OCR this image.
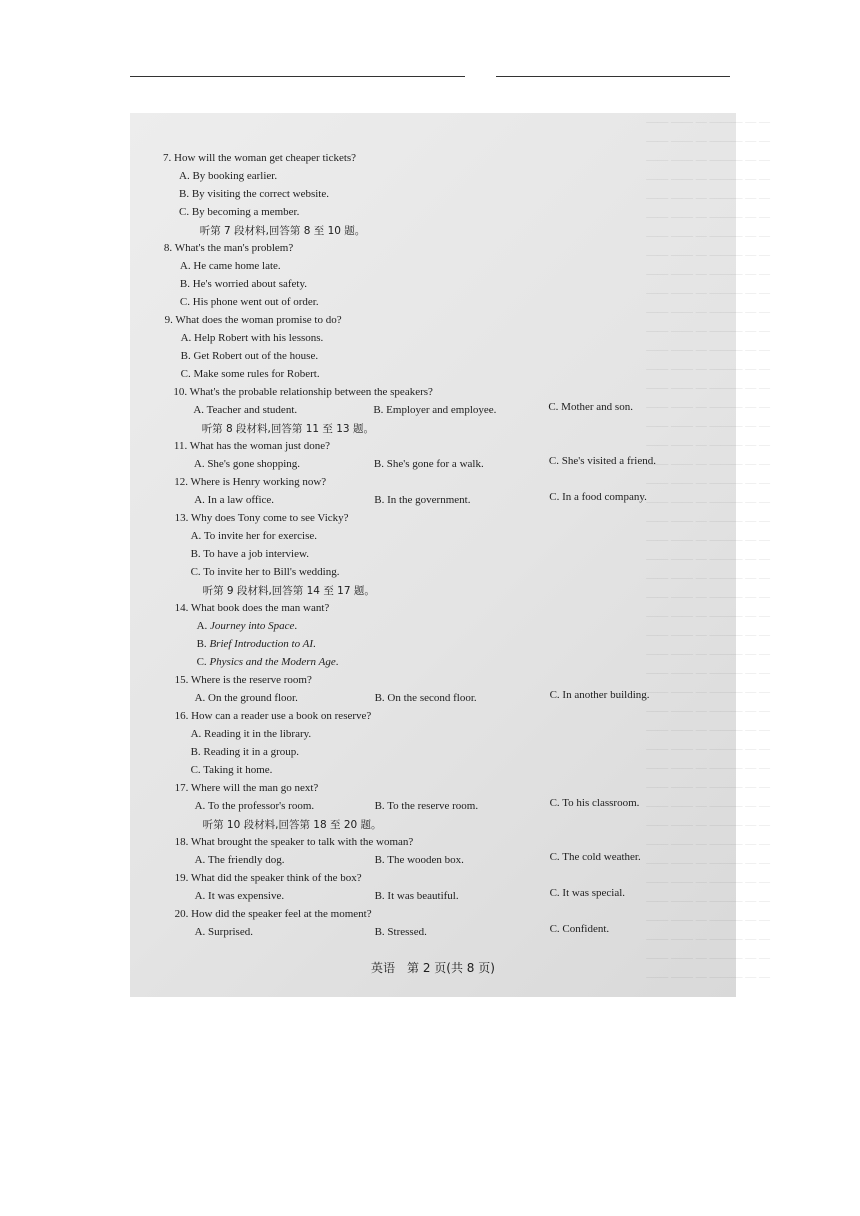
— — ——— — —— ——
— — ——— — —— ——
— — ——— — —— ——
— — ——— — —— ——
— — ——— — —— ——
— — ——— — —— ——
— — ——— — —— ——
— — ——— — —— ——
— — ——— — —— ——
— — ——— — —— ——
— — ——— — —— ——
— — ——— — —— ——
— — ——— — —— ——
— — ——— — —— ——
— — ——— — —— ——
— — ——— — —— ——
— — ——— — —— ——
— — ——— — —— ——
— — ——— — —— ——
— — ——— — —— ——
— — ——— — —— ——
— — ——— — —— ——
— — ——— — —— ——
— — ——— — —— ——
— — ——— — —— ——
— — ——— — —— ——
— — ——— — —— ——
— — ——— — —— ——
— — ——— — —— ——
— — ——— — —— ——
— — ——— — —— ——
— — ——— — —— ——
— — ——— — —— ——
— — ——— — —— ——
— — ——— — —— ——
— — ——— — —— ——
— — ——— — —— ——
— — ——— — —— ——
— — ——— — —— ——
— — ——— — —— ——
— — ——— — —— ——
— — ——— — —— ——
— — ——— — —— ——
— — ——— — —— ——
— — ——— — —— ——
— — ——— — —— ——
7. How will the woman get cheaper tickets?
A. By booking earlier.
B. By visiting the correct website.
C. By becoming a member.
听第 7 段材料,回答第 8 至 10 题。
8. What's the man's problem?
A. He came home late.
B. He's worried about safety.
C. His phone went out of order.
9. What does the woman promise to do?
A. Help Robert with his lessons.
B. Get Robert out of the house.
C. Make some rules for Robert.
10. What's the probable relationship between the speakers?
A. Teacher and student.	B. Employer and employee.	C. Mother and son.
听第 8 段材料,回答第 11 至 13 题。
11. What has the woman just done?
A. She's gone shopping.	B. She's gone for a walk.	C. She's visited a friend.
12. Where is Henry working now?
A. In a law office.	B. In the government.	C. In a food company.
13. Why does Tony come to see Vicky?
A. To invite her for exercise.
B. To have a job interview.
C. To invite her to Bill's wedding.
听第 9 段材料,回答第 14 至 17 题。
14. What book does the man want?
A. Journey into Space.
B. Brief Introduction to AI.
C. Physics and the Modern Age.
15. Where is the reserve room?
A. On the ground floor.	B. On the second floor.	C. In another building.
16. How can a reader use a book on reserve?
A. Reading it in the library.
B. Reading it in a group.
C. Taking it home.
17. Where will the man go next?
A. To the professor's room.	B. To the reserve room.	C. To his classroom.
听第 10 段材料,回答第 18 至 20 题。
18. What brought the speaker to talk with the woman?
A. The friendly dog.	B. The wooden box.	C. The cold weather.
19. What did the speaker think of the box?
A. It was expensive.	B. It was beautiful.	C. It was special.
20. How did the speaker feel at the moment?
A. Surprised.	B. Stressed.	C. Confident.
英语　第 2 页(共 8 页)
